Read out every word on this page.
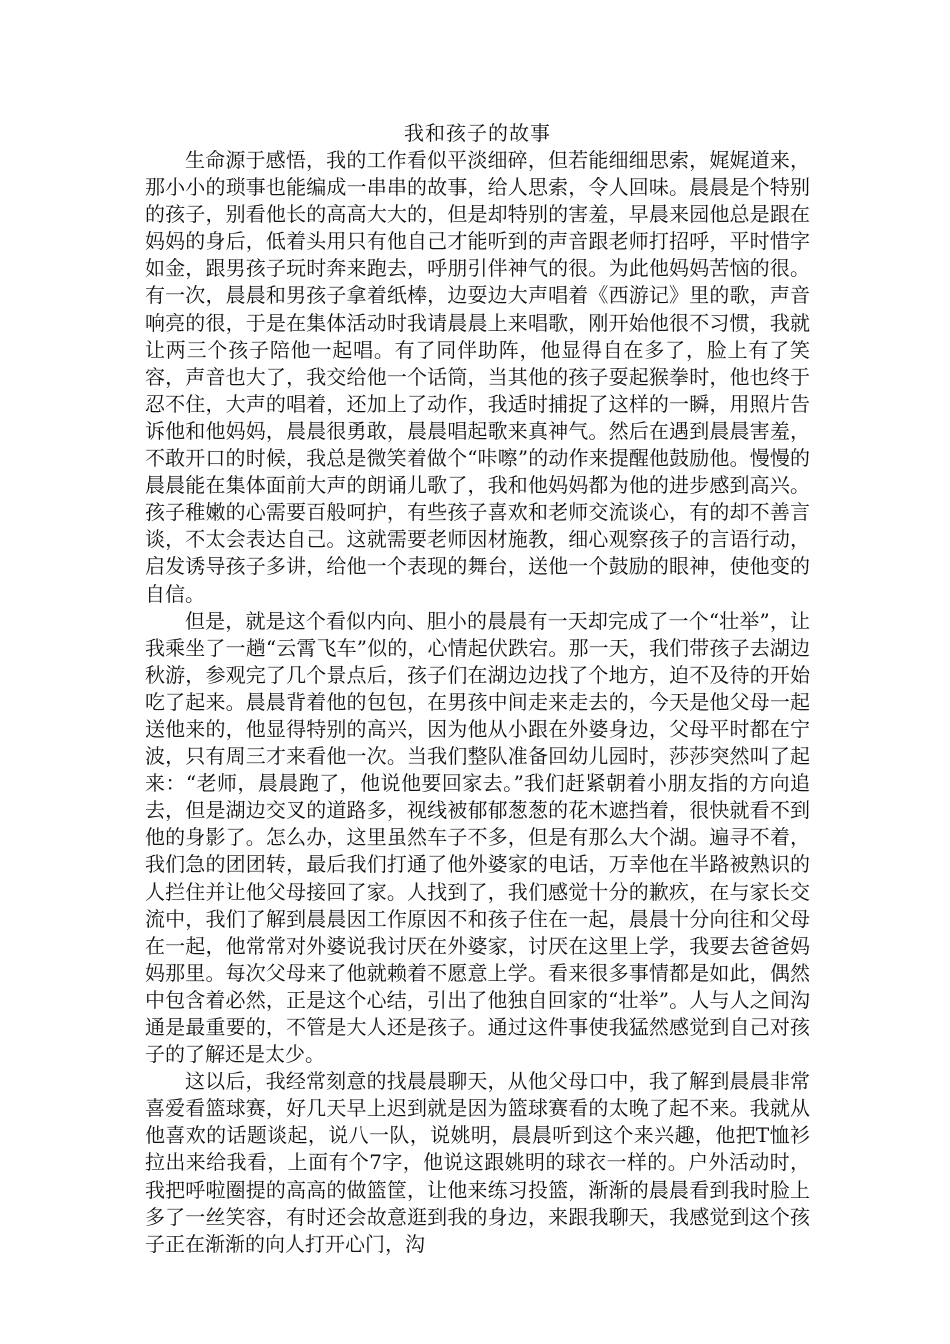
我和孩子的故事

生命源于感悟，我的工作看似平淡细碎，但若能细细思索，娓娓道来，那小小的琐事也能编成一串串的故事，给人思索，令人回味。晨晨是个特别的孩子，别看他长的高高大大的，但是却特别的害羞，早晨来园他总是跟在妈妈的身后，低着头用只有他自己才能听到的声音跟老师打招呼，平时惜字如金，跟男孩子玩时奔来跑去，呼朋引伴神气的很。为此他妈妈苦恼的很。有一次，晨晨和男孩子拿着纸棒，边耍边大声唱着《西游记》里的歌，声音响亮的很，于是在集体活动时我请晨晨上来唱歌，刚开始他很不习惯，我就让两三个孩子陪他一起唱。有了同伴助阵，他显得自在多了，脸上有了笑容，声音也大了，我交给他一个话筒，当其他的孩子耍起猴拳时，他也终于忍不住，大声的唱着，还加上了动作，我适时捕捉了这样的一瞬，用照片告诉他和他妈妈，晨晨很勇敢，晨晨唱起歌来真神气。然后在遇到晨晨害羞，不敢开口的时候，我总是微笑着做个“咔嚓”的动作来提醒他鼓励他。慢慢的晨晨能在集体面前大声的朗诵儿歌了，我和他妈妈都为他的进步感到高兴。孩子稚嫩的心需要百般呵护，有些孩子喜欢和老师交流谈心，有的却不善言谈，不太会表达自己。这就需要老师因材施教，细心观察孩子的言语行动，启发诱导孩子多讲，给他一个表现的舞台，送他一个鼓励的眼神，使他变的自信。

但是，就是这个看似内向、胆小的晨晨有一天却完成了一个“壮举”，让我乘坐了一趟“云霄飞车”似的，心情起伏跌宕。那一天，我们带孩子去湖边秋游，参观完了几个景点后，孩子们在湖边边找了个地方，迫不及待的开始吃了起来。晨晨背着他的包包，在男孩中间走来走去的，今天是他父母一起送他来的，他显得特别的高兴，因为他从小跟在外婆身边，父母平时都在宁波，只有周三才来看他一次。当我们整队准备回幼儿园时，莎莎突然叫了起来：“老师，晨晨跑了，他说他要回家去。”我们赶紧朝着小朋友指的方向追去，但是湖边交叉的道路多，视线被郁郁葱葱的花木遮挡着，很快就看不到他的身影了。怎么办，这里虽然车子不多，但是有那么大个湖。遍寻不着，我们急的团团转，最后我们打通了他外婆家的电话，万幸他在半路被熟识的人拦住并让他父母接回了家。人找到了，我们感觉十分的歉疚，在与家长交流中，我们了解到晨晨因工作原因不和孩子住在一起，晨晨十分向往和父母在一起，他常常对外婆说我讨厌在外婆家，讨厌在这里上学，我要去爸爸妈妈那里。每次父母来了他就赖着不愿意上学。看来很多事情都是如此，偶然中包含着必然，正是这个心结，引出了他独自回家的“壮举”。人与人之间沟通是最重要的，不管是大人还是孩子。通过这件事使我猛然感觉到自己对孩子的了解还是太少。

这以后，我经常刻意的找晨晨聊天，从他父母口中，我了解到晨晨非常喜爱看篮球赛，好几天早上迟到就是因为篮球赛看的太晚了起不来。我就从他喜欢的话题谈起，说八一队，说姚明，晨晨听到这个来兴趣，他把T恤衫拉出来给我看，上面有个7字，他说这跟姚明的球衣一样的。户外活动时，我把呼啦圈提的高高的做篮筐，让他来练习投篮，渐渐的晨晨看到我时脸上多了一丝笑容，有时还会故意逛到我的身边，来跟我聊天，我感觉到这个孩子正在渐渐的向人打开心门，沟
